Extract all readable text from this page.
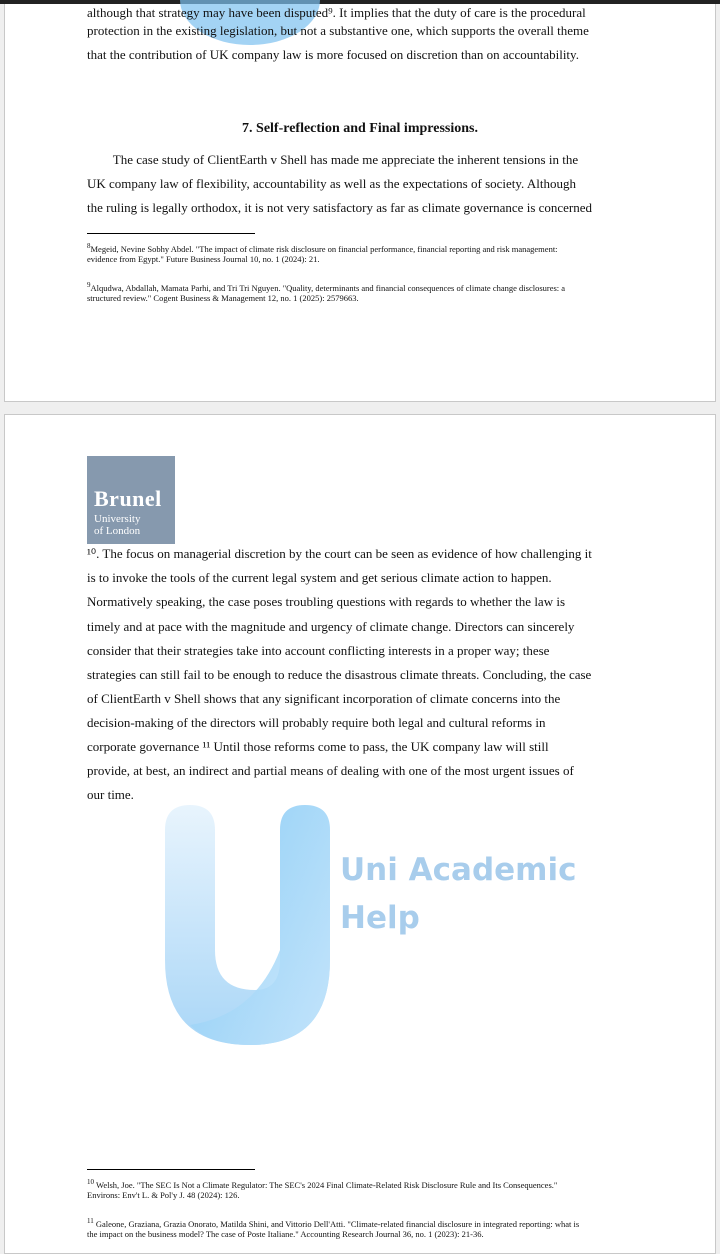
although that strategy may have been disputed⁹. It implies that the duty of care is the procedural
protection in the existing legislation, but not a substantive one, which supports the overall theme
that the contribution of UK company law is more focused on discretion than on accountability.
7. Self-reflection and Final impressions.
The case study of ClientEarth v Shell has made me appreciate the inherent tensions in the
UK company law of flexibility, accountability as well as the expectations of society. Although
the ruling is legally orthodox, it is not very satisfactory as far as climate governance is concerned
$^8$Megeid, Nevine Sobhy Abdel. "The impact of climate risk disclosure on financial performance, financial reporting and risk management:
evidence from Egypt." Future Business Journal 10, no. 1 (2024): 21.
$^9$Alqudwa, Abdallah, Mamata Parhi, and Tri Tri Nguyen. "Quality, determinants and financial consequences of climate change disclosures: a
structured review." Cogent Business & Management 12, no. 1 (2025): 2579663.
Brunel
University
of London
Uni Academic
Help
¹⁰. The focus on managerial discretion by the court can be seen as evidence of how challenging it
is to invoke the tools of the current legal system and get serious climate action to happen.
Normatively speaking, the case poses troubling questions with regards to whether the law is
timely and at pace with the magnitude and urgency of climate change. Directors can sincerely
consider that their strategies take into account conflicting interests in a proper way; these
strategies can still fail to be enough to reduce the disastrous climate threats. Concluding, the case
of ClientEarth v Shell shows that any significant incorporation of climate concerns into the
decision-making of the directors will probably require both legal and cultural reforms in
corporate governance ¹¹ Until those reforms come to pass, the UK company law will still
provide, at best, an indirect and partial means of dealing with one of the most urgent issues of
our time.
$^{10}$ Welsh, Joe. "The SEC Is Not a Climate Regulator: The SEC's 2024 Final Climate-Related Risk Disclosure Rule and Its Consequences."
Environs: Env't L. & Pol'y J. 48 (2024): 126.
$^{11}$ Galeone, Graziana, Grazia Onorato, Matilda Shini, and Vittorio Dell'Atti. "Climate-related financial disclosure in integrated reporting: what is
the impact on the business model? The case of Poste Italiane." Accounting Research Journal 36, no. 1 (2023): 21-36.
